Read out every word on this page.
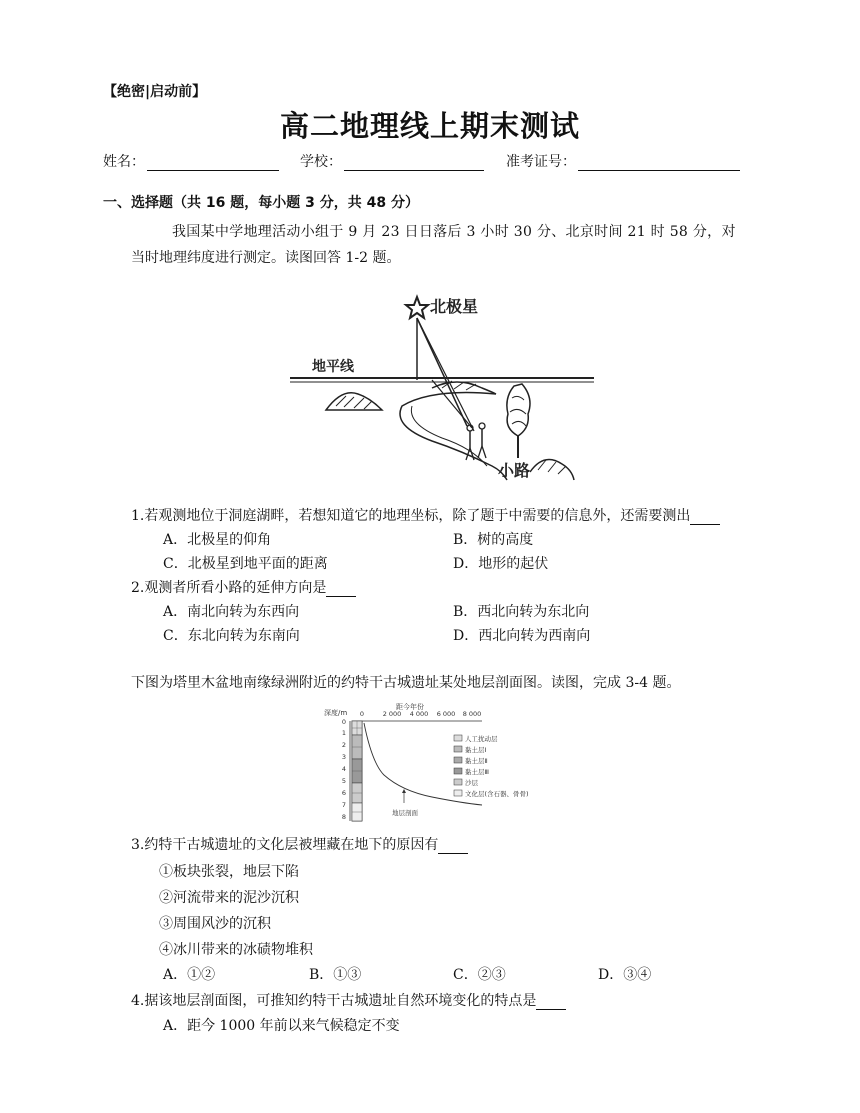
【绝密|启动前】
高二地理线上期末测试
姓名：	学校：	准考证号：
一、选择题（共 16 题，每小题 3 分，共 48 分）
我国某中学地理活动小组于 9 月 23 日日落后 3 小时 30 分、北京时间 21 时 58 分，对
当时地理纬度进行测定。读图回答 1-2 题。
北极星
地平线
小路
1.若观测地位于洞庭湖畔，若想知道它的地理坐标，除了题于中需要的信息外，还需要测出
A．北极星的仰角	B．树的高度
C．北极星到地平面的距离	D．地形的起伏
2.观测者所看小路的延伸方向是
A．南北向转为东西向	B．西北向转为东北向
C．东北向转为东南向	D．西北向转为西南向
下图为塔里木盆地南缘绿洲附近的约特干古城遗址某处地层剖面图。读图，完成 3-4 题。
深度/m
距今年份
0	2 000 4 000 6 000 8 000
0
1
2
3
4
5
6
7
8	地层剖面
人工扰动层
黏土层Ⅰ
黏土层Ⅱ
黏土层Ⅲ
沙层
文化层(含石器、骨骨)
3.约特干古城遗址的文化层被埋藏在地下的原因有
①板块张裂，地层下陷
②河流带来的泥沙沉积
③周围风沙的沉积
④冰川带来的冰碛物堆积
A．①②	B．①③	C．②③	D．③④
4.据该地层剖面图，可推知约特干古城遗址自然环境变化的特点是
A．距今 1000 年前以来气候稳定不变
